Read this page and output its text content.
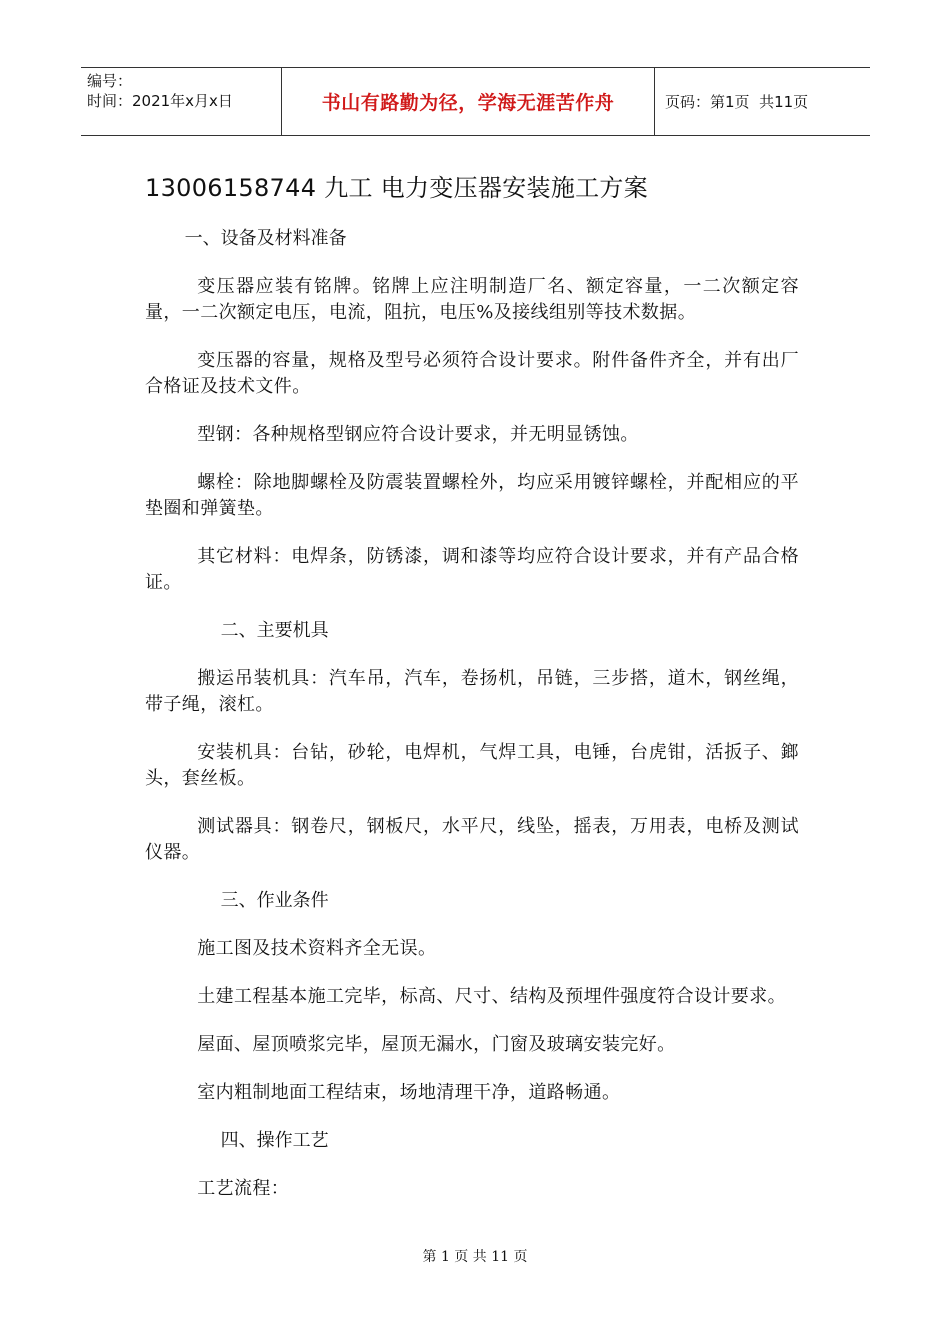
编号：
时间：2021年x月x日	书山有路勤为径，学海无涯苦作舟	页码：第1页  共11页
13006158744 九工 电力变压器安装施工方案
一、设备及材料准备

变压器应装有铭牌。铭牌上应注明制造厂名、额定容量，一二次额定容量，一二次额定电压，电流，阻抗，电压%及接线组别等技术数据。

变压器的容量，规格及型号必须符合设计要求。附件备件齐全，并有出厂合格证及技术文件。

型钢：各种规格型钢应符合设计要求，并无明显锈蚀。

螺栓：除地脚螺栓及防震装置螺栓外，均应采用镀锌螺栓，并配相应的平垫圈和弹簧垫。

其它材料：电焊条，防锈漆，调和漆等均应符合设计要求，并有产品合格证。

二、主要机具

搬运吊装机具：汽车吊，汽车，卷扬机，吊链，三步搭，道木，钢丝绳，带子绳，滚杠。

安装机具：台钻，砂轮，电焊机，气焊工具，电锤，台虎钳，活扳子、鎯头，套丝板。

测试器具：钢卷尺，钢板尺，水平尺，线坠，摇表，万用表，电桥及测试仪器。

三、作业条件

施工图及技术资料齐全无误。

土建工程基本施工完毕，标高、尺寸、结构及预埋件强度符合设计要求。

屋面、屋顶喷浆完毕，屋顶无漏水，门窗及玻璃安装完好。

室内粗制地面工程结束，场地清理干净，道路畅通。

四、操作工艺

工艺流程：

第 1 页 共 11 页
